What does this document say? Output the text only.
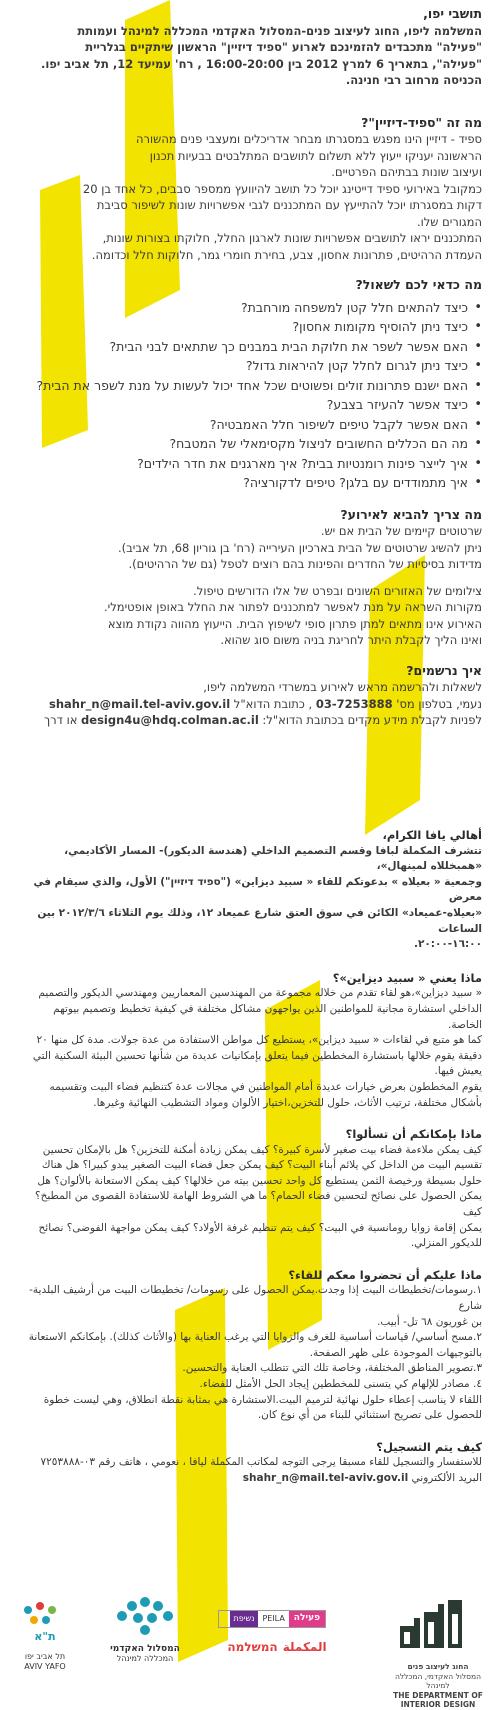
תושבי יפו,

המשלמה ליפו, החוג לעיצוב פנים-המסלול האקדמי המכללה למינהל ועמותת

"פעילה" מתכבדים להזמינכם לארוע "ספיד דיזיין" הראשון שיתקיים בגלריית

"פעילה", בתאריך 6 למרץ 2012 בין 16:00-20:00 , רח' עמיעד 12, תל אביב יפו.

הכניסה מרחוב רבי חנינה.

מה זה "ספיד-דיזיין"?

ספיד - דיזיין הינו מפגש במסגרתו מבחר אדריכלים ומעצבי פנים מהשורה

הראשונה יעניקו ייעוץ ללא תשלום לתושבים המתלבטים בבעיות תכנון

ועיצוב שונות בבתיהם הפרטיים.

כמקובל באירועי ספיד דייטינג יוכל כל תושב להיוועץ ממספר סבבים, כל אחד בן 20

דקות במסגרתו יוכל להתייעץ עם המתכננים לגבי אפשרויות שונות לשיפור סביבת

המגורים שלו.

המתכננים יראו לתושבים אפשרויות שונות לארגון החלל, חלוקתו בצורות שונות,

העמדת הרהיטים, פתרונות אחסון, צבע, בחירת חומרי גמר, חלוקות חלל וכדומה.

מה כדאי לכם לשאול?

• כיצד להתאים חלל קטן למשפחה מורחבת?
• כיצד ניתן להוסיף מקומות אחסון?
• האם אפשר לשפר את חלוקת הבית במבנים כך שתתאים לבני הבית?
• כיצד ניתן לגרום לחלל קטן להיראות גדול?
• האם ישנם פתרונות זולים ופשוטים שכל אחד יכול לעשות על מנת לשפר את הבית?
• כיצד אפשר להעיזר בצבע?
• האם אפשר לקבל טיפים לשיפור חלל האמבטיה?
• מה הם הכללים החשובים לניצול מקסימאלי של המטבח?
• איך לייצר פינות רומנטיות בבית? איך מארגנים את חדר הילדים?
• איך מתמודדים עם בלגן? טיפים לדקורציה?

מה צריך להביא לאירוע?

שרטוטים קיימים של הבית אם יש.

ניתן להשיג שרטוטים של הבית בארכיון העירייה (רח' בן גוריון 68, תל אביב).

מדידות בסיסיות של החדרים והפינות בהם רוצים לטפל (גם של הרהיטים).

צילומים של האזורים השונים ובפרט של אלו הדורשים טיפול.

מקורות השראה על מנת לאפשר למתכננים לפתור את החלל באופן אופטימלי.

האירוע אינו מתאים למתן פתרון סופי לשיפוץ הבית. הייעוץ מהווה נקודת מוצא

ואינו הליך לקבלת היתר לחריגת בניה משום סוג שהוא.

איך נרשמים?

לשאלות ולהרשמה מראש לאירוע במשרדי המשלמה ליפו,

נעמי, בטלפון מס' 03-7253888 , כתובת הדוא"ל shahr_n@mail.tel-aviv.gov.il

לפניות לקבלת מידע מקדים בכתובת הדוא"ל: design4u@hdq.colman.ac.il או דרך

أهالي يافا الكرام،

تتشرف المكملة لبافا وقسم التصميم الداخلي (هندسة الديكور)- المسار الأكاديمي، «همبخللاه لمينهال»،

وجمعية « بعيلاه » بدعوتكم للقاء « سبيد ديزاين» ("ספיד דיזיין") الأول، والذي سيقام في معرض

«بعيلاه-عميعاد» الكائن في سوق العتق شارع عميعاد ١٢، وذلك يوم الثلاثاء ٢٠١٢/٣/٦ بين الساعات

١٦:٠٠-٢٠:٠٠.

ماذا يعني « سبيد ديزاين»؟

« سبيد ديزاين»،هو لقاء تقدم من خلاله مجموعة من المهندسين المعماريين ومهندسي الديكور والتصميم

الداخلي استشارة مجانية للمواطنين الذين يواجهون مشاكل مختلفة في كيفية تخطيط وتصميم بيوتهم

الخاصة.

كما هو متبع في لقاءات « سبيد ديزاين»، يستطيع كل مواطن الاستفادة من عدة جولات. مدة كل منها ٢٠

دقيقة يقوم خلالها باستشارة المخططين فيما يتعلق بإمكانيات عديدة من شأنها تحسين البيئة السكنية التي

يعيش فيها.

يقوم المخططون بعرض خيارات عديدة أمام المواطنين في مجالات عدة كتنظيم فضاء البيت وتقسيمه

بأشكال مختلفة، ترتيب الأثاث، حلول للتخزين،اختيار الألوان ومواد التشطيب النهائية وغيرها.

ماذا بإمكانكم أن تسألوا؟

كيف يمكن ملاءمة فضاء بيت صغير لأسرة كبيرة؟ كيف يمكن زيادة أمكنة للتخزين؟ هل بالإمكان تحسين

تقسيم البيت من الداخل كي يلائم أبناء البيت؟ كيف يمكن جعل فضاء البيت الصغير يبدو كبيرا؟ هل هناك

حلول بسيطة ورخيصة الثمن يستطيع كل واحد تحسين بيته من خلالها؟ كيف يمكن الاستعانة بالألوان؟ هل

يمكن الحصول على نصائح لتحسين فضاء الحمام؟ ما هي الشروط الهامة للاستفادة القصوى من المطبخ؟ كيف

يمكن إقامة زوايا رومانسية في البيت؟ كيف يتم تنظيم غرفة الأولاد؟ كيف يمكن مواجهة الفوضى؟ نصائح

للديكور المنزلي.

ماذا عليكم أن تحضروا معكم للقاء؟

١.رسومات/تخطيطات البيت إذا وجدت.يمكن الحصول على رسومات/ تخطيطات البيت من أرشيف البلدية- شارع

بن غوريون ٦٨ تل- أبيب.

٢.مسح أساسي/ قياسات أساسية للغرف والزوايا التي يرغب العناية بها (والأثاث كذلك). بإمكانكم الاستعانة

بالتوجيهات الموجودة على ظهر الصفحة.

٣.تصوير المناطق المختلفة، وخاصة تلك التي تتطلب العناية والتحسين.

٤. مصادر للإلهام كي يتسنى للمخططين إيجاد الحل الأمثل للفضاء.

اللقاء لا يناسب إعطاء حلول نهائية لترميم البيت.الاستشارة هي بمثابة نقطة انطلاق، وهي ليست خطوة

للحصول على تصريح استثنائي للبناء من أي نوع كان.

كيف يتم التسجيل؟

للاستفسار والتسجيل للقاء مسبقا يرجى التوجه لمكاتب المكملة ليافا ، نعومي ، هاتف رقم ٠٣-٧٢٥٣٨٨٨

البريد الألكتروني shahr_n@mail.tel-aviv.gov.il

ת"א
תל אביב יפו
AVIV YAFO
המסלול האקדמי
המכללה למינהל
פעילה
PEILA
נשיפת
المكملة המשלמה
החוג לעיצוב פנים
המסלול האקדמי, המכללה למינהל
THE DEPARTMENT OF
INTERIOR DESIGN
